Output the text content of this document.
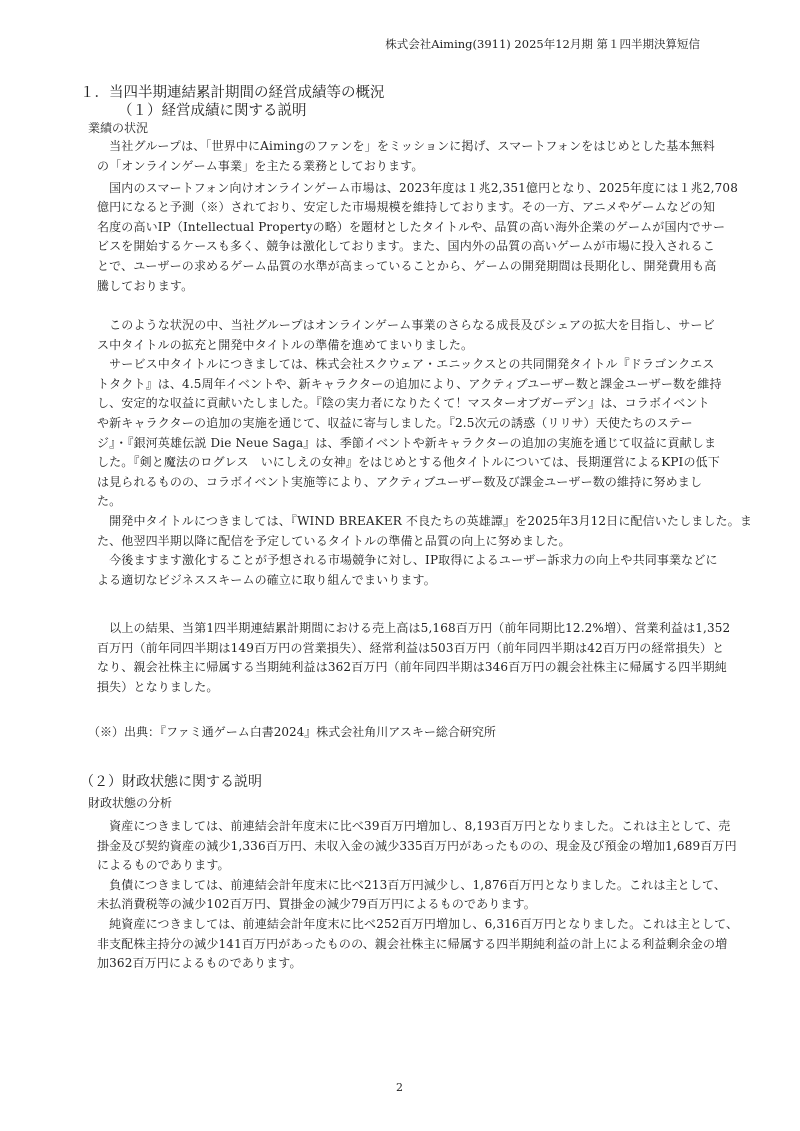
株式会社Aiming(3911) 2025年12月期 第１四半期決算短信
１．当四半期連結累計期間の経営成績等の概況
（１）経営成績に関する説明
業績の状況
　当社グループは、「世界中にAimingのファンを」をミッションに掲げ、スマートフォンをはじめとした基本無料
の「オンラインゲーム事業」を主たる業務としております。
　国内のスマートフォン向けオンラインゲーム市場は、2023年度は１兆2,351億円となり、2025年度には１兆2,708
億円になると予測（※）されており、安定した市場規模を維持しております。その一方、アニメやゲームなどの知
名度の高いIP（Intellectual Propertyの略）を題材としたタイトルや、品質の高い海外企業のゲームが国内でサー
ビスを開始するケースも多く、競争は激化しております。また、国内外の品質の高いゲームが市場に投入されるこ
とで、ユーザーの求めるゲーム品質の水準が高まっていることから、ゲームの開発期間は長期化し、開発費用も高
騰しております。
　このような状況の中、当社グループはオンラインゲーム事業のさらなる成長及びシェアの拡大を目指し、サービ
ス中タイトルの拡充と開発中タイトルの準備を進めてまいりました。
　サービス中タイトルにつきましては、株式会社スクウェア・エニックスとの共同開発タイトル『ドラゴンクエス
トタクト』は、4.5周年イベントや、新キャラクターの追加により、アクティブユーザー数と課金ユーザー数を維持
し、安定的な収益に貢献いたしました。『陰の実力者になりたくて！マスターオブガーデン』は、コラボイベント
や新キャラクターの追加の実施を通じて、収益に寄与しました。『2.5次元の誘惑（リリサ）天使たちのステー
ジ』・『銀河英雄伝説 Die Neue Saga』は、季節イベントや新キャラクターの追加の実施を通じて収益に貢献しま
した。『剣と魔法のログレス　いにしえの女神』をはじめとする他タイトルについては、長期運営によるKPIの低下
は見られるものの、コラボイベント実施等により、アクティブユーザー数及び課金ユーザー数の維持に努めまし
た。
　開発中タイトルにつきましては、『WIND BREAKER 不良たちの英雄譚』を2025年3月12日に配信いたしました。ま
た、他翌四半期以降に配信を予定しているタイトルの準備と品質の向上に努めました。
　今後ますます激化することが予想される市場競争に対し、IP取得によるユーザー訴求力の向上や共同事業などに
よる適切なビジネススキームの確立に取り組んでまいります。
　以上の結果、当第1四半期連結累計期間における売上高は5,168百万円（前年同期比12.2%増）、営業利益は1,352
百万円（前年同四半期は149百万円の営業損失）、経常利益は503百万円（前年同四半期は42百万円の経常損失）と
なり、親会社株主に帰属する当期純利益は362百万円（前年同四半期は346百万円の親会社株主に帰属する四半期純
損失）となりました。
（※）出典：『ファミ通ゲーム白書2024』株式会社角川アスキー総合研究所
（２）財政状態に関する説明
財政状態の分析
　資産につきましては、前連結会計年度末に比べ39百万円増加し、8,193百万円となりました。これは主として、売
掛金及び契約資産の減少1,336百万円、未収入金の減少335百万円があったものの、現金及び預金の増加1,689百万円
によるものであります。
　負債につきましては、前連結会計年度末に比べ213百万円減少し、1,876百万円となりました。これは主として、
未払消費税等の減少102百万円、買掛金の減少79百万円によるものであります。
　純資産につきましては、前連結会計年度末に比べ252百万円増加し、6,316百万円となりました。これは主として、
非支配株主持分の減少141百万円があったものの、親会社株主に帰属する四半期純利益の計上による利益剰余金の増
加362百万円によるものであります。
2
